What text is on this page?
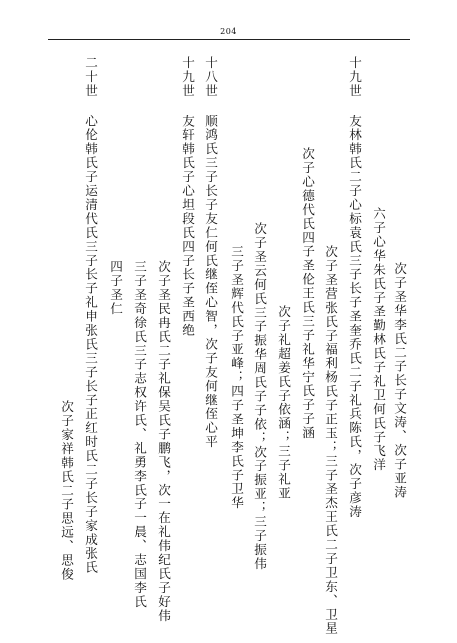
204
次子圣华李氏二子长子文涛、次子亚涛
六子心华朱氏子圣勤林氏子礼卫何氏子飞洋
十九世 友林韩氏二子心标袁氏三子长子圣奎乔氏二子礼兵陈氏，次子彦涛
次子圣营张氏子福利杨氏子正玉；三子圣杰王氏二子卫东、卫星
次子心德代氏四子圣伦王氏三子礼华宁氏子子涵
次子礼超姜氏子依涵；三子礼亚
次子圣云何氏三子振华周氏子子依；次子振亚；三子振伟
三子圣辉代氏子亚峰；四子圣坤李氏子卫华
十八世 顺鸿氏三子长子友仁何氏继侄心智，次子友何继侄心平
十九世 友轩韩氏子心坦段氏四子长子圣西绝
次子圣民冉氏二子礼保吴氏子鹏飞，次一在礼伟纪氏子好伟
三子圣奇徐氏三子志权许氏、礼勇李氏子一晨、志国李氏
四子圣仁
二十世 心伦韩氏子运清代氏三子长子礼申张氏三子长子正红时氏二子长子家成张氏
次子家祥韩氏二子思远、思俊
